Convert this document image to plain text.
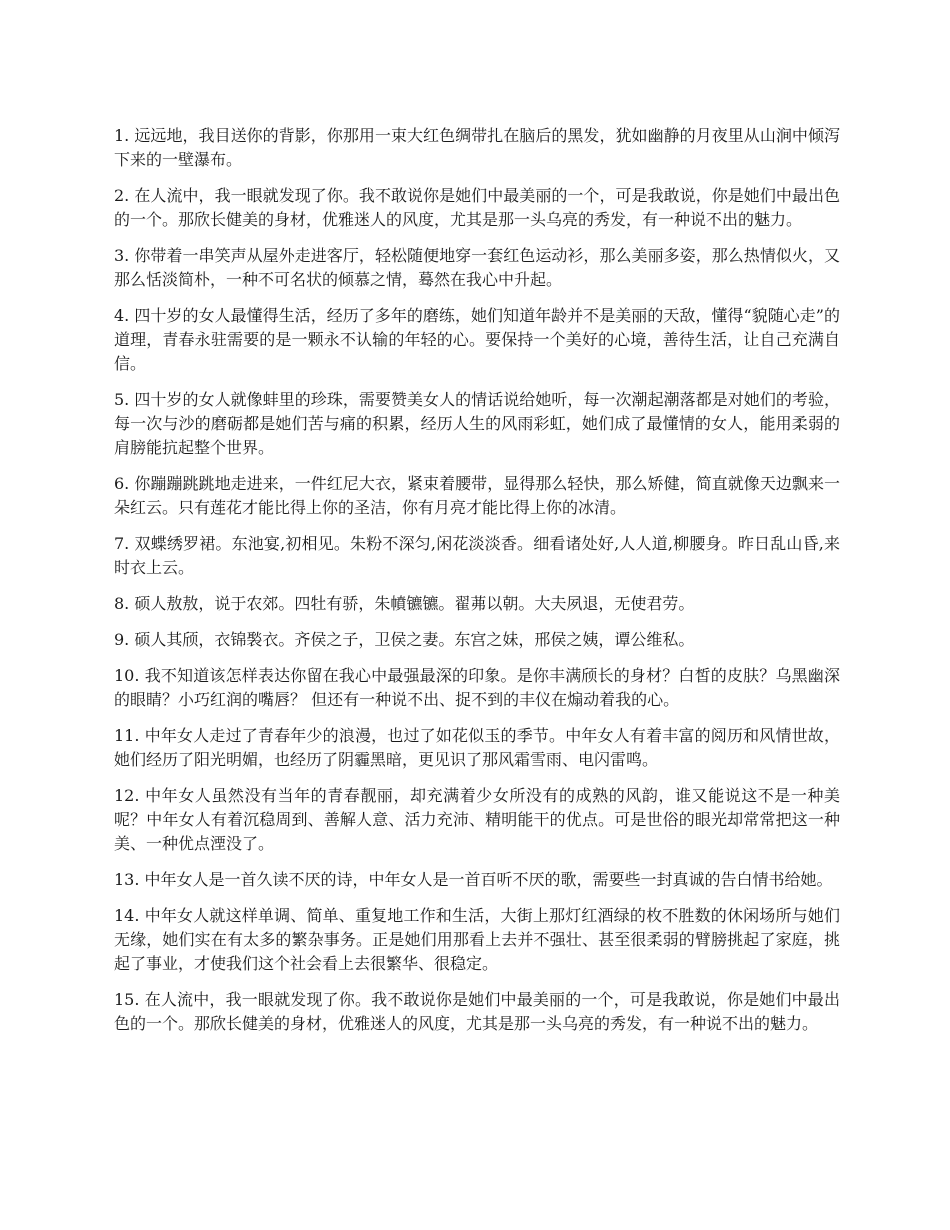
1. 远远地，我目送你的背影，你那用一束大红色绸带扎在脑后的黑发，犹如幽静的月夜里从山涧中倾泻下来的一壁瀑布。

2. 在人流中，我一眼就发现了你。我不敢说你是她们中最美丽的一个，可是我敢说，你是她们中最出色的一个。那欣长健美的身材，优雅迷人的风度，尤其是那一头乌亮的秀发，有一种说不出的魅力。

3. 你带着一串笑声从屋外走进客厅，轻松随便地穿一套红色运动衫，那么美丽多姿，那么热情似火，又那么恬淡简朴，一种不可名状的倾慕之情，蓦然在我心中升起。

4. 四十岁的女人最懂得生活，经历了多年的磨练，她们知道年龄并不是美丽的天敌，懂得“貌随心走”的道理，青春永驻需要的是一颗永不认输的年轻的心。要保持一个美好的心境，善待生活，让自己充满自信。

5. 四十岁的女人就像蚌里的珍珠，需要赞美女人的情话说给她听，每一次潮起潮落都是对她们的考验，每一次与沙的磨砺都是她们苦与痛的积累，经历人生的风雨彩虹，她们成了最懂情的女人，能用柔弱的肩膀能抗起整个世界。

6. 你蹦蹦跳跳地走进来，一件红尼大衣，紧束着腰带，显得那么轻快，那么矫健，简直就像天边飘来一朵红云。只有莲花才能比得上你的圣洁，你有月亮才能比得上你的冰清。

7. 双蝶绣罗裙。东池宴,初相见。朱粉不深匀,闲花淡淡香。细看诸处好,人人道,柳腰身。昨日乱山昏,来时衣上云。

8. 硕人敖敖，说于农郊。四牡有骄，朱幩镳镳。翟茀以朝。大夫夙退，无使君劳。

9. 硕人其颀，衣锦褧衣。齐侯之子，卫侯之妻。东宫之妹，邢侯之姨，谭公维私。

10. 我不知道该怎样表达你留在我心中最强最深的印象。是你丰满颀长的身材？白皙的皮肤？乌黑幽深的眼睛？小巧红润的嘴唇？ 但还有一种说不出、捉不到的丰仪在煽动着我的心。

11. 中年女人走过了青春年少的浪漫，也过了如花似玉的季节。中年女人有着丰富的阅历和风情世故，她们经历了阳光明媚，也经历了阴霾黑暗，更见识了那风霜雪雨、电闪雷鸣。

12. 中年女人虽然没有当年的青春靓丽，却充满着少女所没有的成熟的风韵，谁又能说这不是一种美呢？中年女人有着沉稳周到、善解人意、活力充沛、精明能干的优点。可是世俗的眼光却常常把这一种美、一种优点湮没了。

13. 中年女人是一首久读不厌的诗，中年女人是一首百听不厌的歌，需要些一封真诚的告白情书给她。

14. 中年女人就这样单调、简单、重复地工作和生活，大街上那灯红酒绿的枚不胜数的休闲场所与她们无缘，她们实在有太多的繁杂事务。正是她们用那看上去并不强壮、甚至很柔弱的臂膀挑起了家庭，挑起了事业，才使我们这个社会看上去很繁华、很稳定。

15. 在人流中，我一眼就发现了你。我不敢说你是她们中最美丽的一个，可是我敢说，你是她们中最出色的一个。那欣长健美的身材，优雅迷人的风度，尤其是那一头乌亮的秀发，有一种说不出的魅力。
